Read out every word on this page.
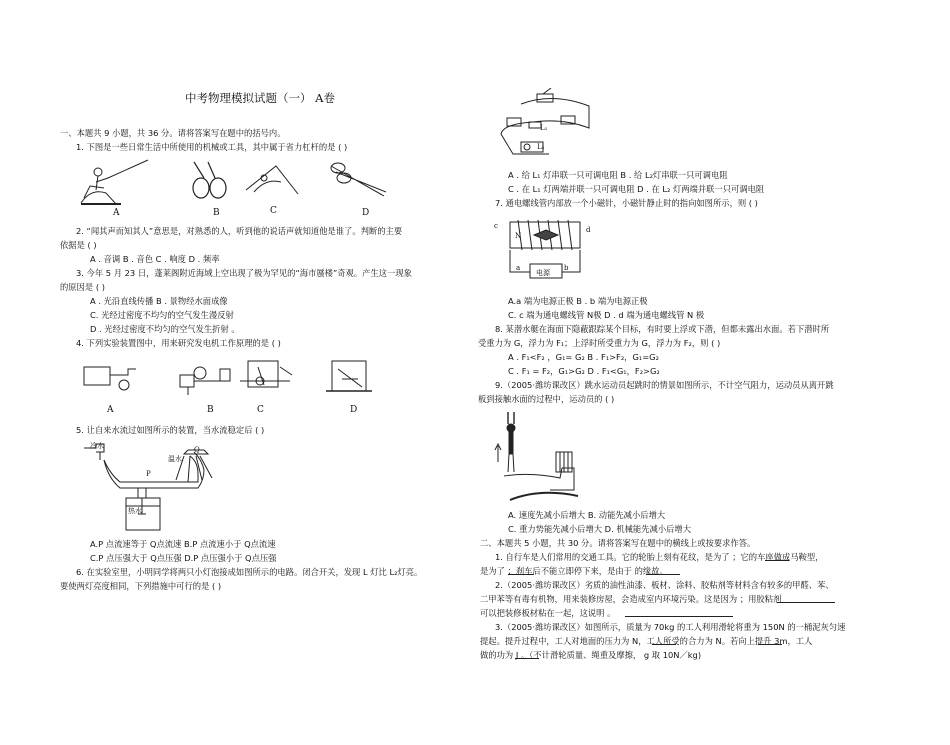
中考物理模拟试题（一） A卷
一、本题共 9 小题，共 36 分。请将答案写在题中的括号内。
1. 下图是一些日常生活中所使用的机械或工具，其中属于省力杠杆的是 ( )
A	B	C	D
2. “闻其声而知其人”意思是，对熟悉的人，听到他的说话声就知道他是谁了。判断的主要
依据是 ( )
A . 音调 B . 音色 C . 响度 D . 频率
3. 今年 5 月 23 日，蓬莱阁附近海域上空出现了极为罕见的“海市蜃楼”奇观。产生这一现象
的原因是 ( )
A . 光沿直线传播 B . 景物经水面成像
C. 光经过密度不均匀的空气发生漫反射
D . 光经过密度不均匀的空气发生折射 。
4. 下列实验装置图中，用来研究发电机工作原理的是 ( )
A	B	C	D
5. 让自来水流过如图所示的装置，当水流稳定后 ( )
冷水
温水
热水
P
Q
A.P 点流速等于 Q点流速 B.P 点流速小于 Q点流速
C.P 点压强大于 Q点压强 D.P 点压强小于 Q点压强
6. 在实验室里，小明同学将两只小灯泡接成如图所示的电路。闭合开关，发现 L 灯比 L₂灯亮。
要使两灯亮度相同，下列措施中可行的是 ( )
L₂
L₁
A . 给 L₁ 灯串联一只可调电阻 B . 给 L₂灯串联一只可调电阻
C . 在 L₁ 灯两端并联一只可调电阻 D . 在 L₂ 灯两端并联一只可调电阻
7. 通电螺线管内部放一个小磁针，小磁针静止时的指向如图所示，则 ( )
c	d
a	b
N
电源
A.a 端为电源正极 B . b 端为电源正极
C. c 端为通电螺线管 N极 D . d 端为通电螺线管 N 极
8. 某潜水艇在海面下隐蔽跟踪某个目标，有时要上浮或下潜，但都未露出水面。若下潜时所
受重力为 G，浮力为 F₁；上浮时所受重力为 G，浮力为 F₂，则 ( )
A . F₁<F₂ ，G₁= G₂ B . F₁>F₂，G₁=G₂
C . F₁ = F₂，G₁>G₂ D . F₁<G₁，F₂>G₂
9.（2005·潍坊课改区）跳水运动员起跳时的情景如图所示，不计空气阻力，运动员从离开跳
板到接触水面的过程中，运动员的 ( )
A. 速度先减小后增大 B. 动能先减小后增大
C. 重力势能先减小后增大 D. 机械能先减小后增大
二、本题共 5 小题，共 30 分。请将答案写在题中的横线上或按要求作答。
1. 自行车是人们常用的交通工具。它的轮胎上刻有花纹，是为了 ；它的车座做成马鞍型，
是为了 ；刹车后不能立即停下来，是由于 的缘故。
2.（2005·潍坊课改区）劣质的油性油漆、板材、涂料、胶粘剂等材料含有较多的甲醛、苯、
二甲苯等有毒有机物，用来装修房屋，会造成室内环境污染。这是因为 ；用胶粘剂
可以把装修板材粘在一起，这说明 。
3.（2005·潍坊课改区）如图所示，质量为 70kg 的工人利用滑轮将重为 150N 的一桶泥灰匀速
提起。提升过程中，工人对地面的压力为 N，工人所受的合力为 N。若向上提升 3m，工人
做的功为 J 。（不计滑轮质量、绳重及摩擦， g 取 10N／kg)
